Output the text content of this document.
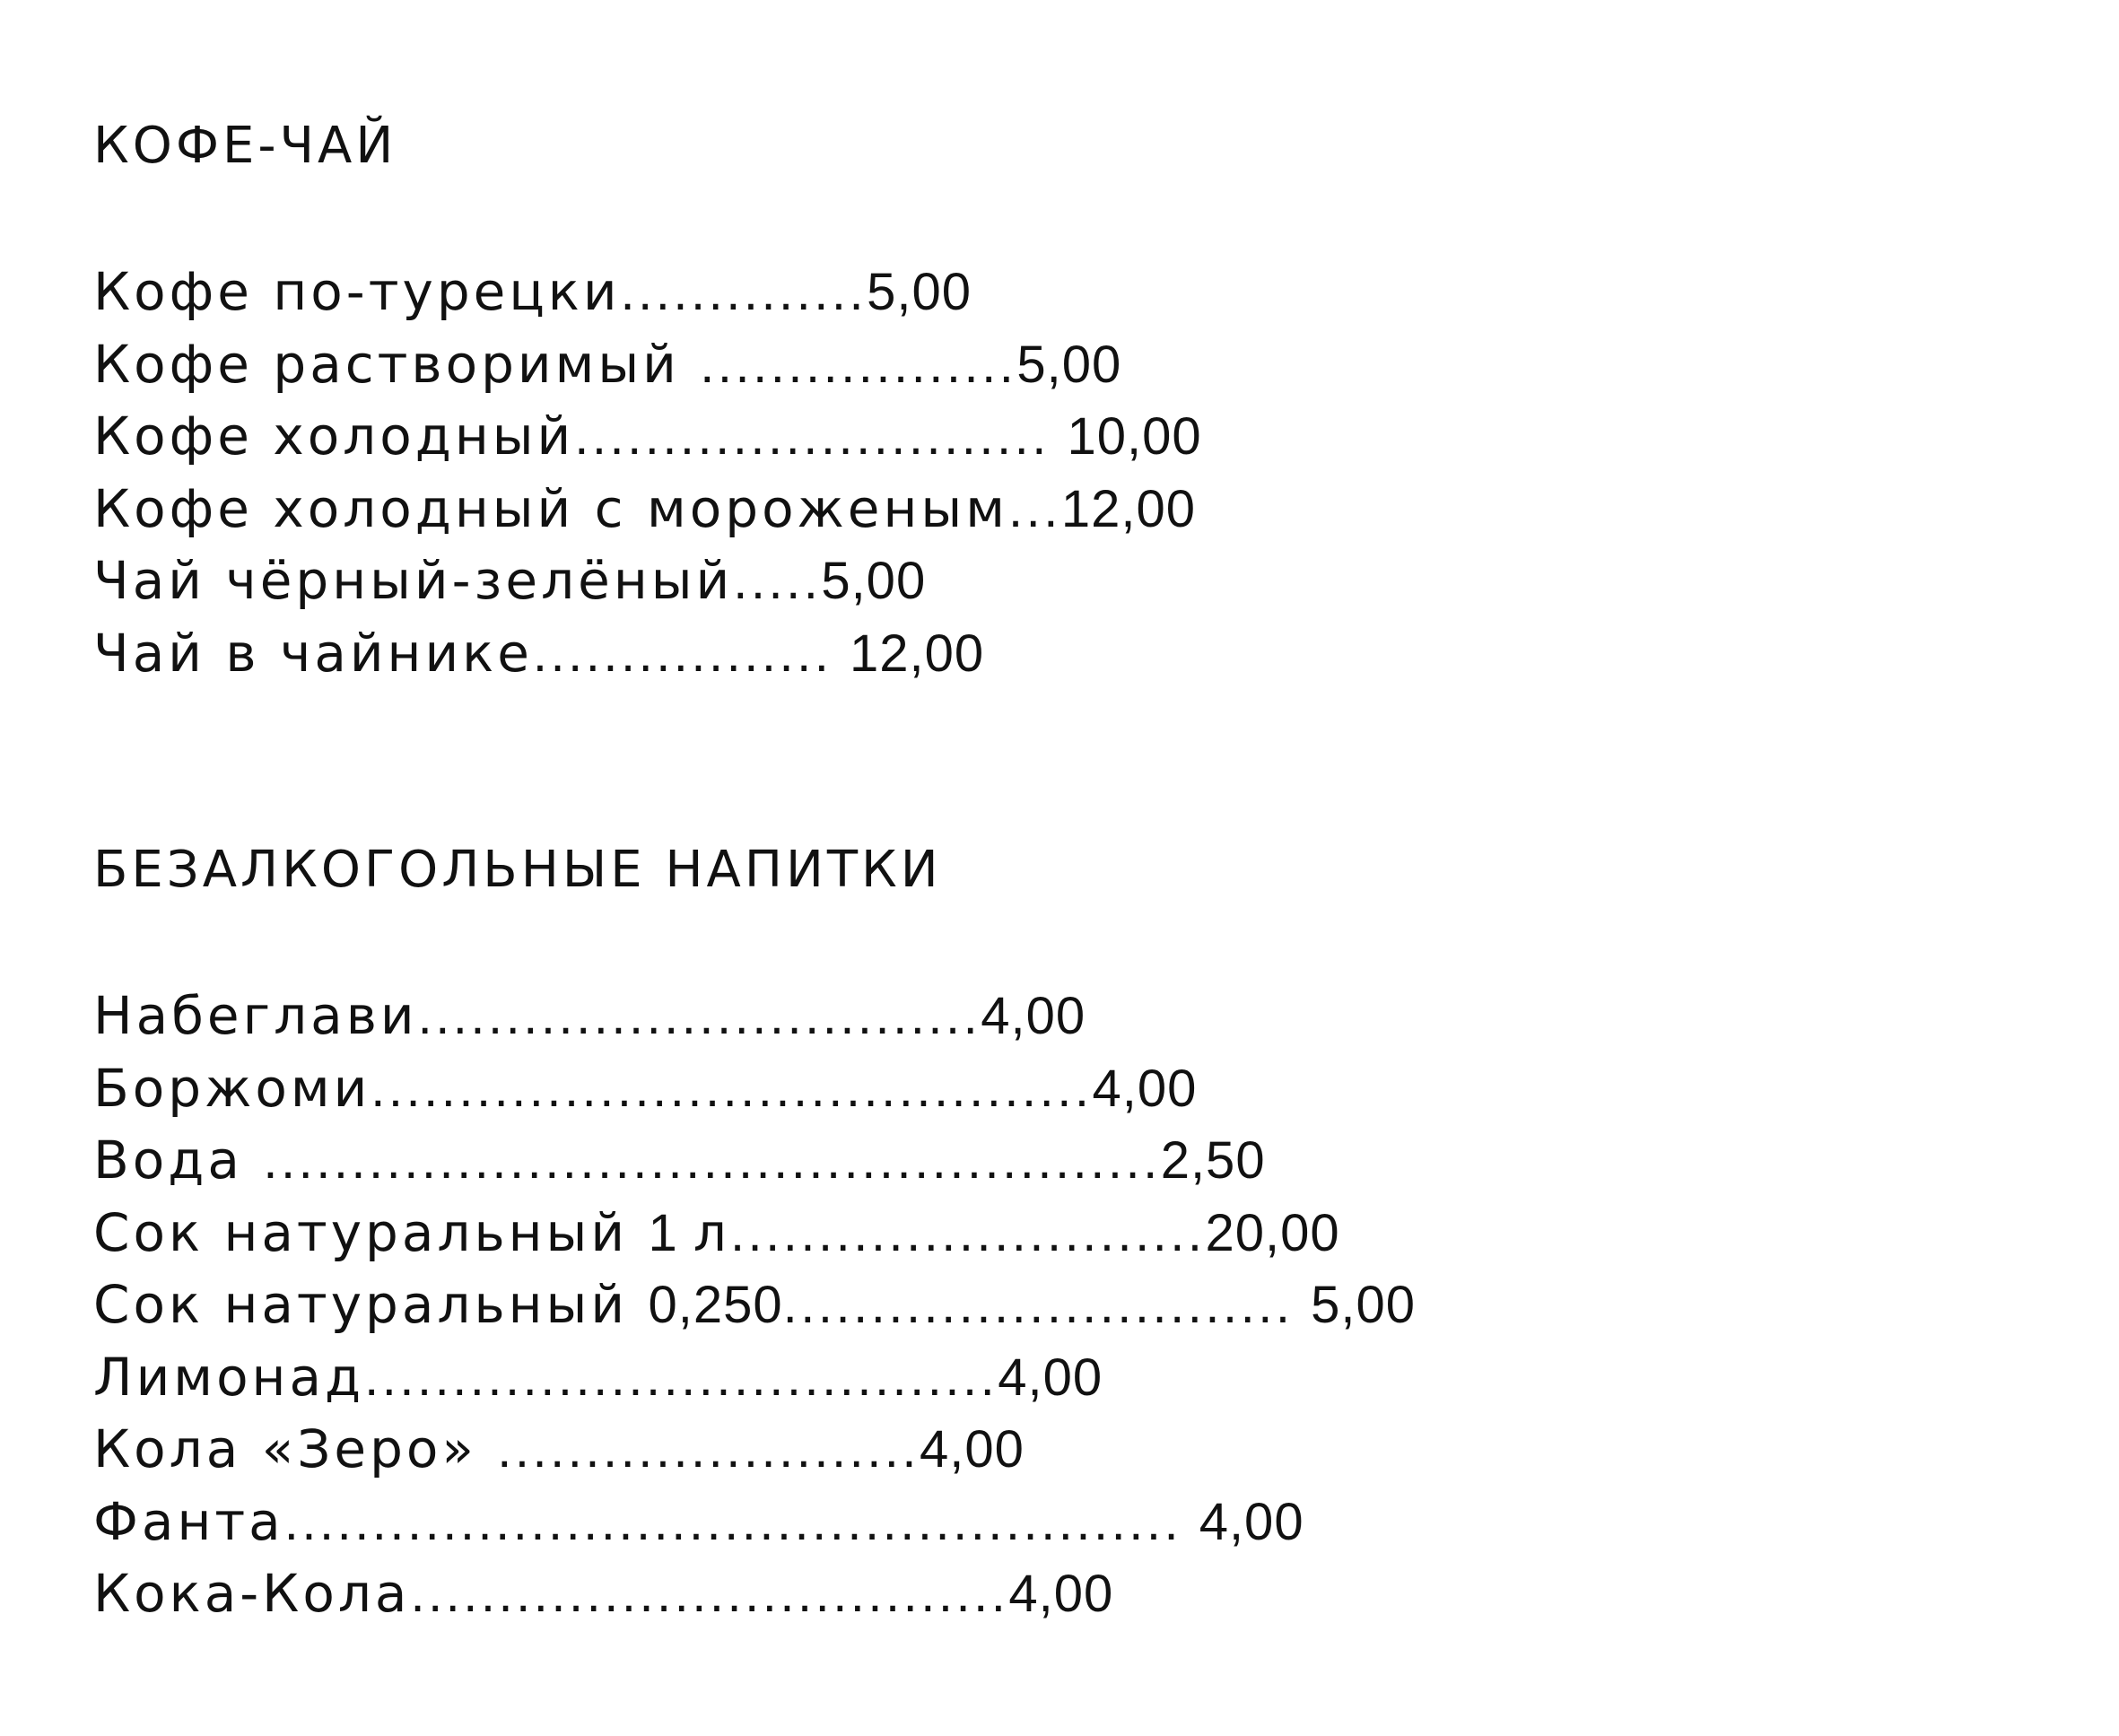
КОФЕ-ЧАЙ
Кофе по-турецки..............5,00
Кофе растворимый ..................5,00
Кофе холодный........................... 10,00
Кофе холодный с мороженым...12,00
Чай чёрный-зелёный.....5,00
Чай в чайнике................. 12,00
БЕЗАЛКОГОЛЬНЫЕ НАПИТКИ
Набеглави................................4,00
Боржоми.........................................4,00
Вода ...................................................2,50
Сок натуральный 1 л...........................20,00
Сок натуральный 0,250............................. 5,00
Лимонад....................................4,00
Кола «Зеро» ........................4,00
Фанта................................................... 4,00
Кока-Кола..................................4,00
